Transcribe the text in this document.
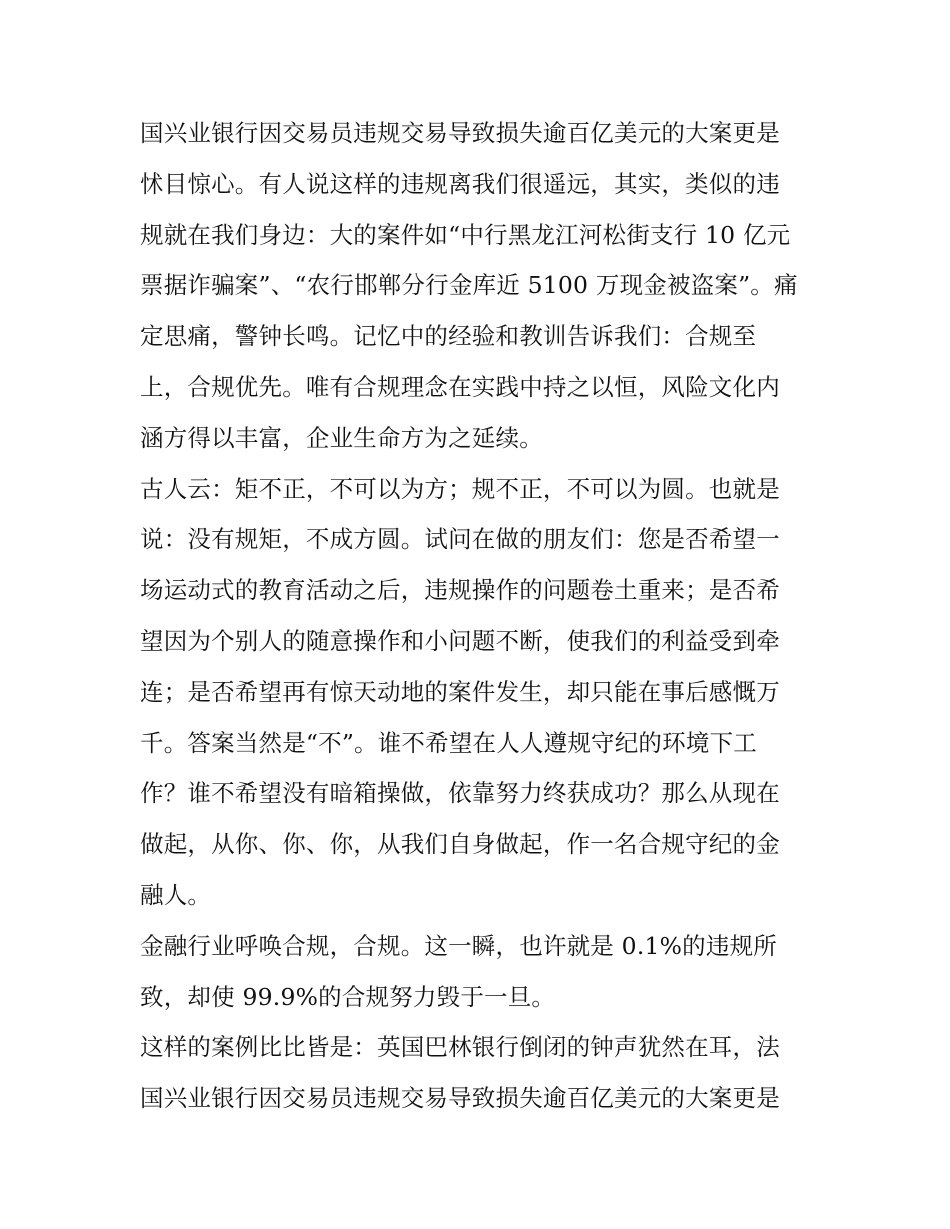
国兴业银行因交易员违规交易导致损失逾百亿美元的大案更是
怵目惊心。有人说这样的违规离我们很遥远，其实，类似的违
规就在我们身边：大的案件如“中行黑龙江河松街支行 10 亿元
票据诈骗案”、“农行邯郸分行金库近 5100 万现金被盗案”。痛
定思痛，警钟长鸣。记忆中的经验和教训告诉我们：合规至
上，合规优先。唯有合规理念在实践中持之以恒，风险文化内
涵方得以丰富，企业生命方为之延续。
古人云：矩不正，不可以为方；规不正，不可以为圆。也就是
说：没有规矩，不成方圆。试问在做的朋友们：您是否希望一
场运动式的教育活动之后，违规操作的问题卷土重来；是否希
望因为个别人的随意操作和小问题不断，使我们的利益受到牵
连；是否希望再有惊天动地的案件发生，却只能在事后感慨万
千。答案当然是“不”。谁不希望在人人遵规守纪的环境下工
作？谁不希望没有暗箱操做，依靠努力终获成功？那么从现在
做起，从你、你、你，从我们自身做起，作一名合规守纪的金
融人。
金融行业呼唤合规，合规。这一瞬，也许就是 0.1%的违规所
致，却使 99.9%的合规努力毁于一旦。
这样的案例比比皆是：英国巴林银行倒闭的钟声犹然在耳，法
国兴业银行因交易员违规交易导致损失逾百亿美元的大案更是
